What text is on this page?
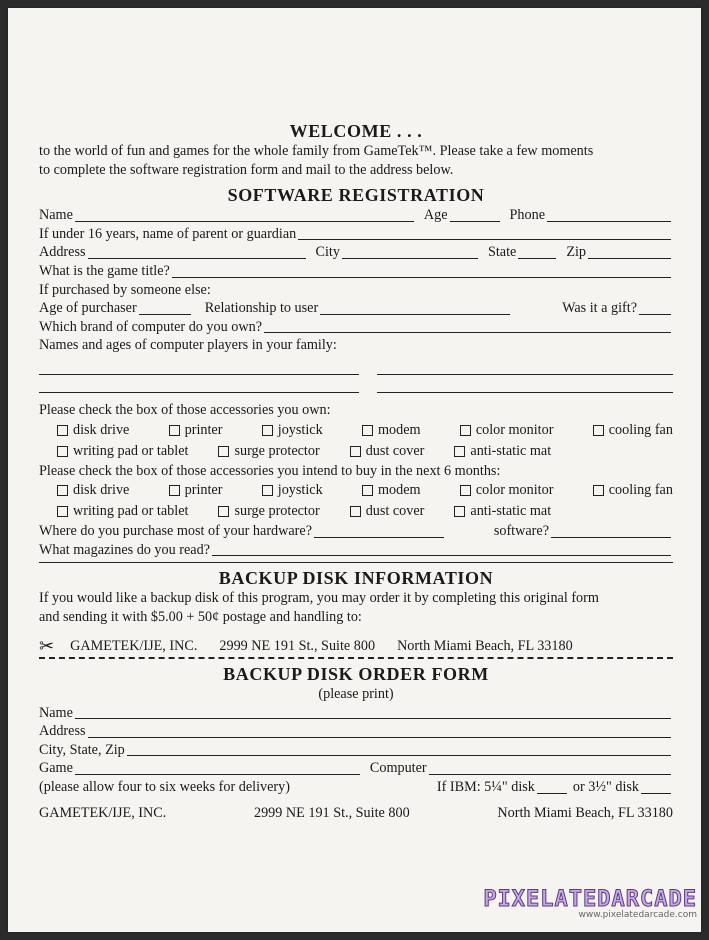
WELCOME . . .
to the world of fun and games for the whole family from GameTek™. Please take a few moments
to complete the software registration form and mail to the address below.
SOFTWARE REGISTRATION
Name	Age	Phone
If under 16 years, name of parent or guardian
Address	City	State	Zip
What is the game title?
If purchased by someone else:
Age of purchaser	Relationship to user	Was it a gift?
Which brand of computer do you own?
Names and ages of computer players in your family:
Please check the box of those accessories you own:
disk drive	printer	joystick	modem	color monitor	cooling fan
writing pad or tablet	surge protector	dust cover	anti-static mat
Please check the box of those accessories you intend to buy in the next 6 months:
disk drive	printer	joystick	modem	color monitor	cooling fan
writing pad or tablet	surge protector	dust cover	anti-static mat
Where do you purchase most of your hardware?	software?
What magazines do you read?
BACKUP DISK INFORMATION
If you would like a backup disk of this program, you may order it by completing this original form
and sending it with $5.00 + 50¢ postage and handling to:
✂ GAMETEK/IJE, INC. 2999 NE 191 St., Suite 800 North Miami Beach, FL 33180
BACKUP DISK ORDER FORM
(please print)
Name
Address
City, State, Zip
Game	Computer
(please allow four to six weeks for delivery)	If IBM: 5¼" disk	or 3½" disk
GAMETEK/IJE, INC.	2999 NE 191 St., Suite 800	North Miami Beach, FL 33180
PIXELATEDARCADE
www.pixelatedarcade.com
